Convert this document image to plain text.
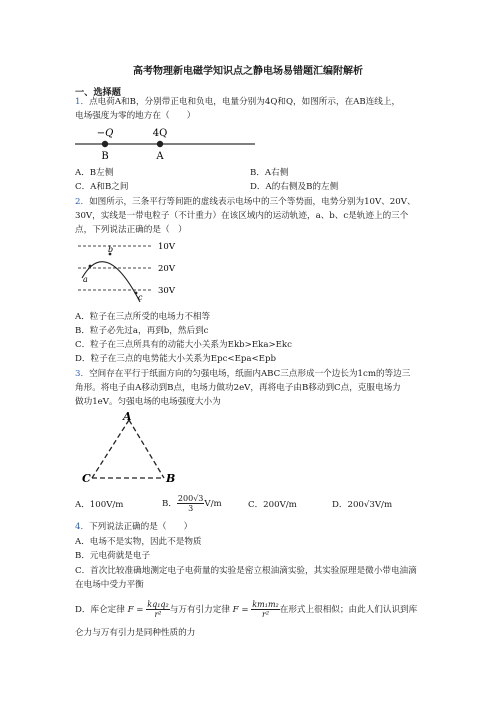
高考物理新电磁学知识点之静电场易错题汇编附解析
一、选择题
1．点电荷A和B，分别带正电和负电，电量分别为4Q和Q，如图所示，在AB连线上，
电场强度为零的地方在（　　）
−Q	4Q
B	A
A．B左侧	B．A右侧
C．A和B之间	D．A的右侧及B的左侧
2．如图所示，三条平行等间距的虚线表示电场中的三个等势面，电势分别为10V、20V、
30V，实线是一带电粒子（不计重力）在该区域内的运动轨迹，a、b、c是轨迹上的三个
点，下列说法正确的是（　）
a
b
c
10V
20V
30V
A．粒子在三点所受的电场力不相等
B．粒子必先过a，再到b，然后到c
C．粒子在三点所具有的动能大小关系为Ekb>Eka>Ekc
D．粒子在三点的电势能大小关系为Epc<Epa<Epb
3．空间存在平行于纸面方向的匀强电场，纸面内ABC三点形成一个边长为1cm的等边三
角形。将电子由A移动到B点，电场力做功2eV，再将电子由B移动到C点，克服电场力
做功1eV。匀强电场的电场强度大小为
A
C	B
A．100V/m	B． $\frac{200√3}{3} V/m$	C．200V/m	D．200√3V/m
4．下列说法正确的是（　　）
A．电场不是实物，因此不是物质
B．元电荷就是电子
C．首次比较准确地测定电子电荷量的实验是密立根油滴实验，其实验原理是微小带电油滴
在电场中受力平衡
D．库仑定律 $F = \frac{\text{kq₁q₂}}{\text{r²}}$ 与万有引力定律 $F = \frac{\text{km₁m₂}}{\text{r²}}$ 在形式上很相似；由此人们认识到库
仑力与万有引力是同种性质的力
